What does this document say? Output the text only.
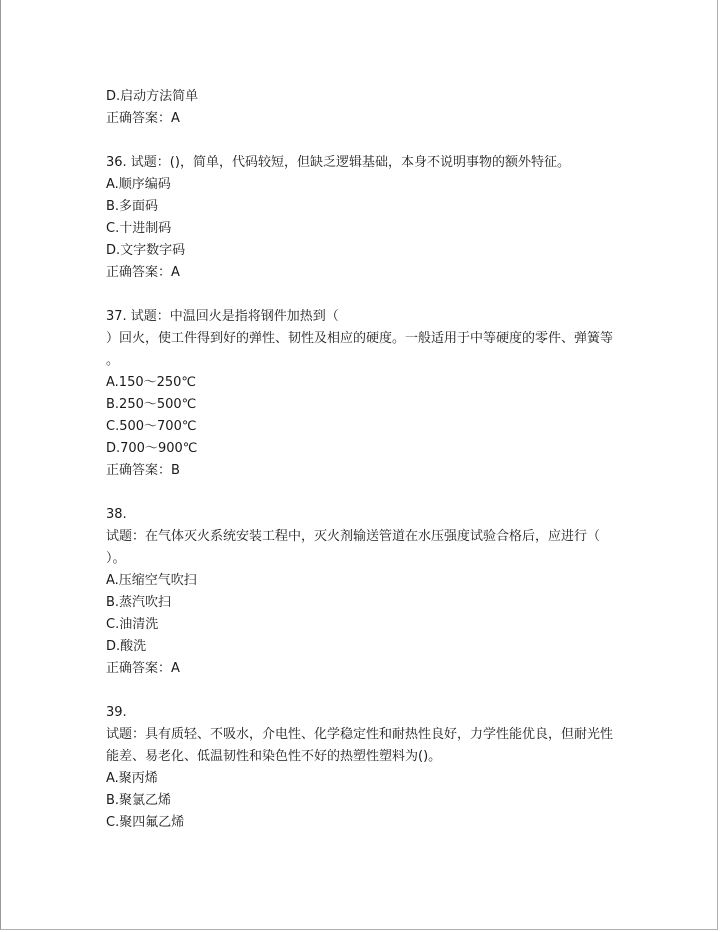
D.启动方法简单
正确答案：A
36. 试题：()，简单，代码较短，但缺乏逻辑基础，本身不说明事物的额外特征。
A.顺序编码
B.多面码
C.十进制码
D.文字数字码
正确答案：A
37. 试题：中温回火是指将钢件加热到（
）回火，使工件得到好的弹性、韧性及相应的硬度。一般适用于中等硬度的零件、弹簧等
。
A.150～250℃
B.250～500℃
C.500～700℃
D.700～900℃
正确答案：B
38.
试题：在气体灭火系统安装工程中，灭火剂输送管道在水压强度试验合格后，应进行（
）。
A.压缩空气吹扫
B.蒸汽吹扫
C.油清洗
D.酸洗
正确答案：A
39.
试题：具有质轻、不吸水，介电性、化学稳定性和耐热性良好，力学性能优良，但耐光性
能差、易老化、低温韧性和染色性不好的热塑性塑料为()。
A.聚丙烯
B.聚氯乙烯
C.聚四氟乙烯
